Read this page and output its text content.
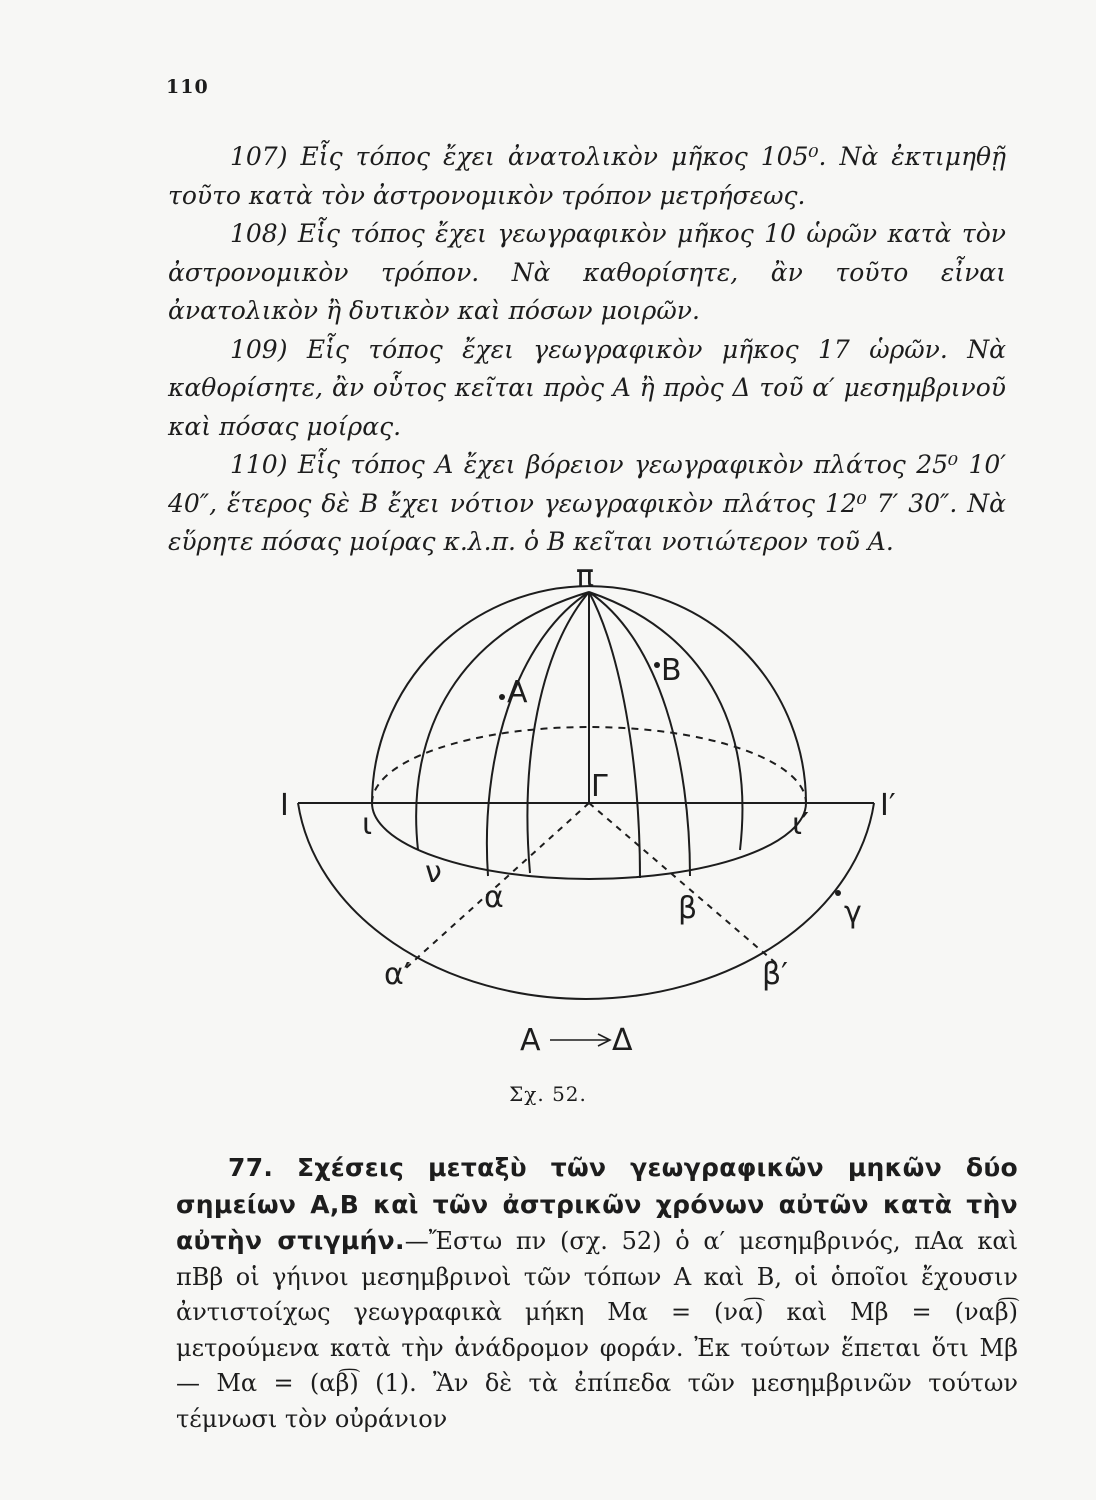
110

107) Εἷς τόπος ἔχει ἀνατολικὸν μῆκος 105⁰. Νὰ ἐκτιμηθῇ τοῦτο κατὰ τὸν ἀστρονομικὸν τρόπον μετρήσεως.

108) Εἷς τόπος ἔχει γεωγραφικὸν μῆκος 10 ὡρῶν κατὰ τὸν ἀστρονομικὸν τρόπον. Νὰ καθορίσητε, ἂν τοῦτο εἶναι ἀνατολικὸν ἢ δυτικὸν καὶ πόσων μοιρῶν.

109) Εἷς τόπος ἔχει γεωγραφικὸν μῆκος 17 ὡρῶν. Νὰ καθορίσητε, ἂν οὗτος κεῖται πρὸς Α ἢ πρὸς Δ τοῦ α′ μεσημβρινοῦ καὶ πόσας μοίρας.

110) Εἷς τόπος Α ἔχει βόρειον γεωγραφικὸν πλάτος 25⁰ 10′ 40″, ἕτερος δὲ Β ἔχει νότιον γεωγραφικὸν πλάτος 12⁰ 7′ 30″. Νὰ εὕρητε πόσας μοίρας κ.λ.π. ὁ Β κεῖται νοτιώτερον τοῦ Α.

π
Α
Β
Γ
Ι	Ι′
ι	ι′
ν
α	β	γ
α′	β′
Α Δ
Σχ. 52.

77. Σχέσεις μεταξὺ τῶν γεωγραφικῶν μηκῶν δύο σημείων Α,Β καὶ τῶν ἀστρικῶν χρόνων αὐτῶν κατὰ τὴν αὐτὴν στιγμήν.—Ἔστω πν (σχ. 52) ὁ α′ μεσημβρινός, πΑα καὶ πΒβ οἱ γήινοι μεσημβρινοὶ τῶν τόπων Α καὶ Β, οἱ ὁποῖοι ἔχουσιν ἀντιστοίχως γεωγραφικὰ μήκη Mα = (να͡) καὶ Mβ = (ναβ͡) μετρούμενα κατὰ τὴν ἀνάδρομον φοράν. Ἐκ τούτων ἕπεται ὅτι Mβ — Mα = (αβ͡) (1). Ἂν δὲ τὰ ἐπίπεδα τῶν μεσημβρινῶν τούτων τέμνωσι τὸν οὐράνιον
